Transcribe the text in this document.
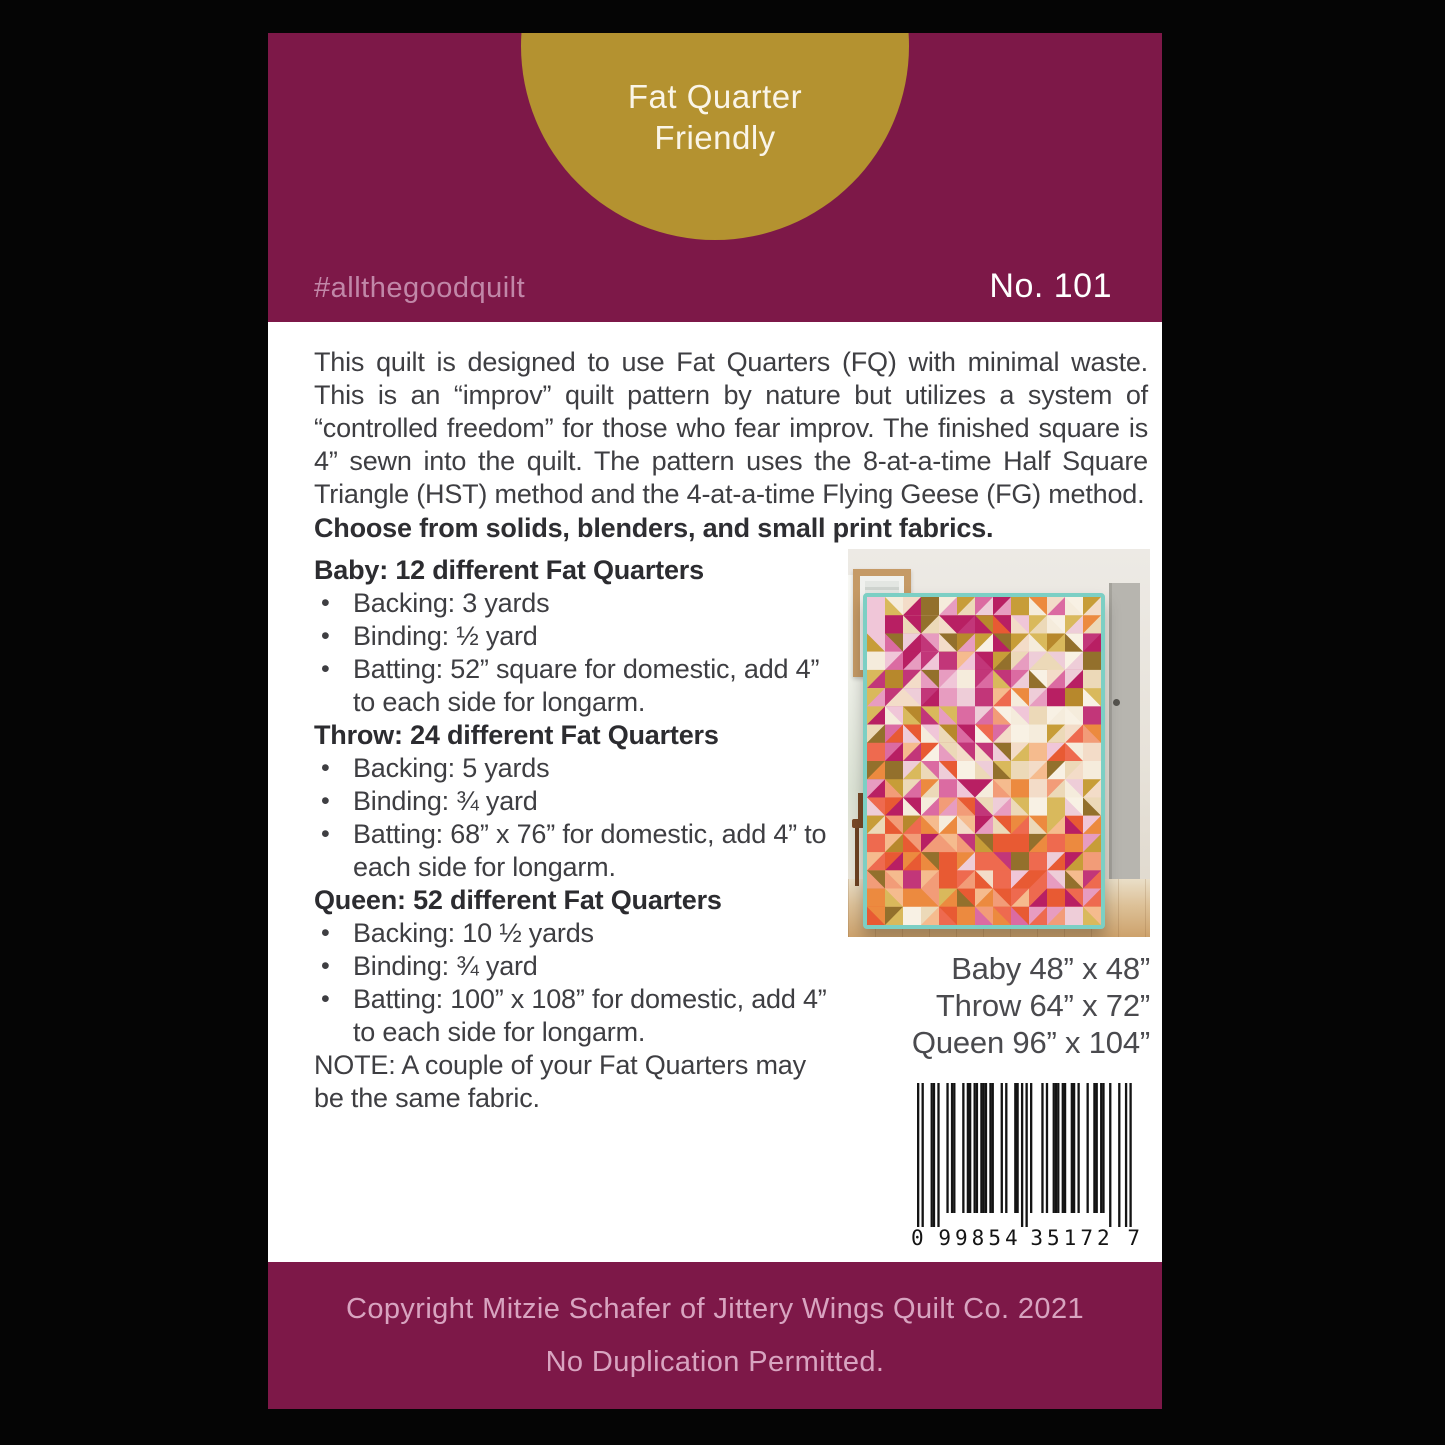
Fat Quarter
Friendly
#allthegoodquilt	No. 101

This quilt is designed to use Fat Quarters (FQ) with minimal waste. This is an “improv” quilt pattern by nature but utilizes a system of “controlled freedom” for those who fear improv. The finished square is 4” sewn into the quilt. The pattern uses the 8-at-a-time Half Square Triangle (HST) method and the 4-at-a-time Flying Geese (FG) method.

Choose from solids, blenders, and small print fabrics.

Baby: 12 different Fat Quarters
• Backing: 3 yards
• Binding: ½ yard
• Batting: 52” square for domestic, add 4” to each side for longarm.
Throw: 24 different Fat Quarters
• Backing: 5 yards
• Binding: ¾ yard
• Batting: 68” x 76” for domestic, add 4” to each side for longarm.
Queen: 52 different Fat Quarters
• Backing: 10 ½ yards
• Binding: ¾ yard
• Batting: 100” x 108” for domestic, add 4” to each side for longarm.

NOTE: A couple of your Fat Quarters may be the same fabric.

Baby 48” x 48”
Throw 64” x 72”
Queen 96” x 104”
0 99854 35172 7
Copyright Mitzie Schafer of Jittery Wings Quilt Co. 2021
No Duplication Permitted.
